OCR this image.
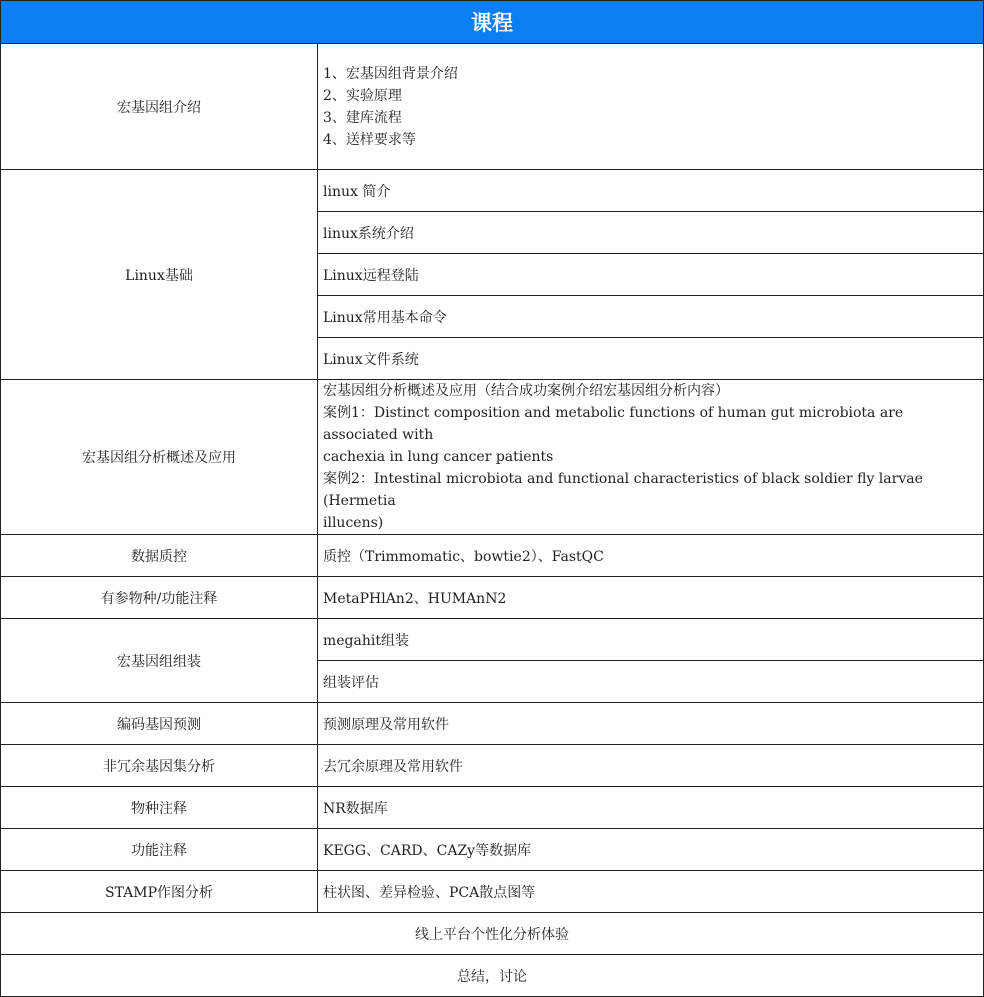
课程	
宏基因组介绍	1、宏基因组背景介绍
2、实验原理
3、建库流程
4、送样要求等

Linux基础	linux 简介
	linux系统介绍
	Linux远程登陆
	Linux常用基本命令
	Linux文件系统
宏基因组分析概述及应用	宏基因组分析概述及应用（结合成功案例介绍宏基因组分析内容）
案例1：Distinct composition and metabolic functions of human gut microbiota are associated with
cachexia in lung cancer patients
案例2：Intestinal microbiota and functional characteristics of black soldier fly larvae (Hermetia
illucens)

数据质控	质控（Trimmomatic、bowtie2）、FastQC
有参物种/功能注释	MetaPHlAn2、HUMAnN2
宏基因组组装	megahit组装
	组装评估
编码基因预测	预测原理及常用软件
非冗余基因集分析	去冗余原理及常用软件
物种注释	NR数据库
功能注释	KEGG、CARD、CAZy等数据库
STAMP作图分析	柱状图、差异检验、PCA散点图等
线上平台个性化分析体验	
总结，讨论	
